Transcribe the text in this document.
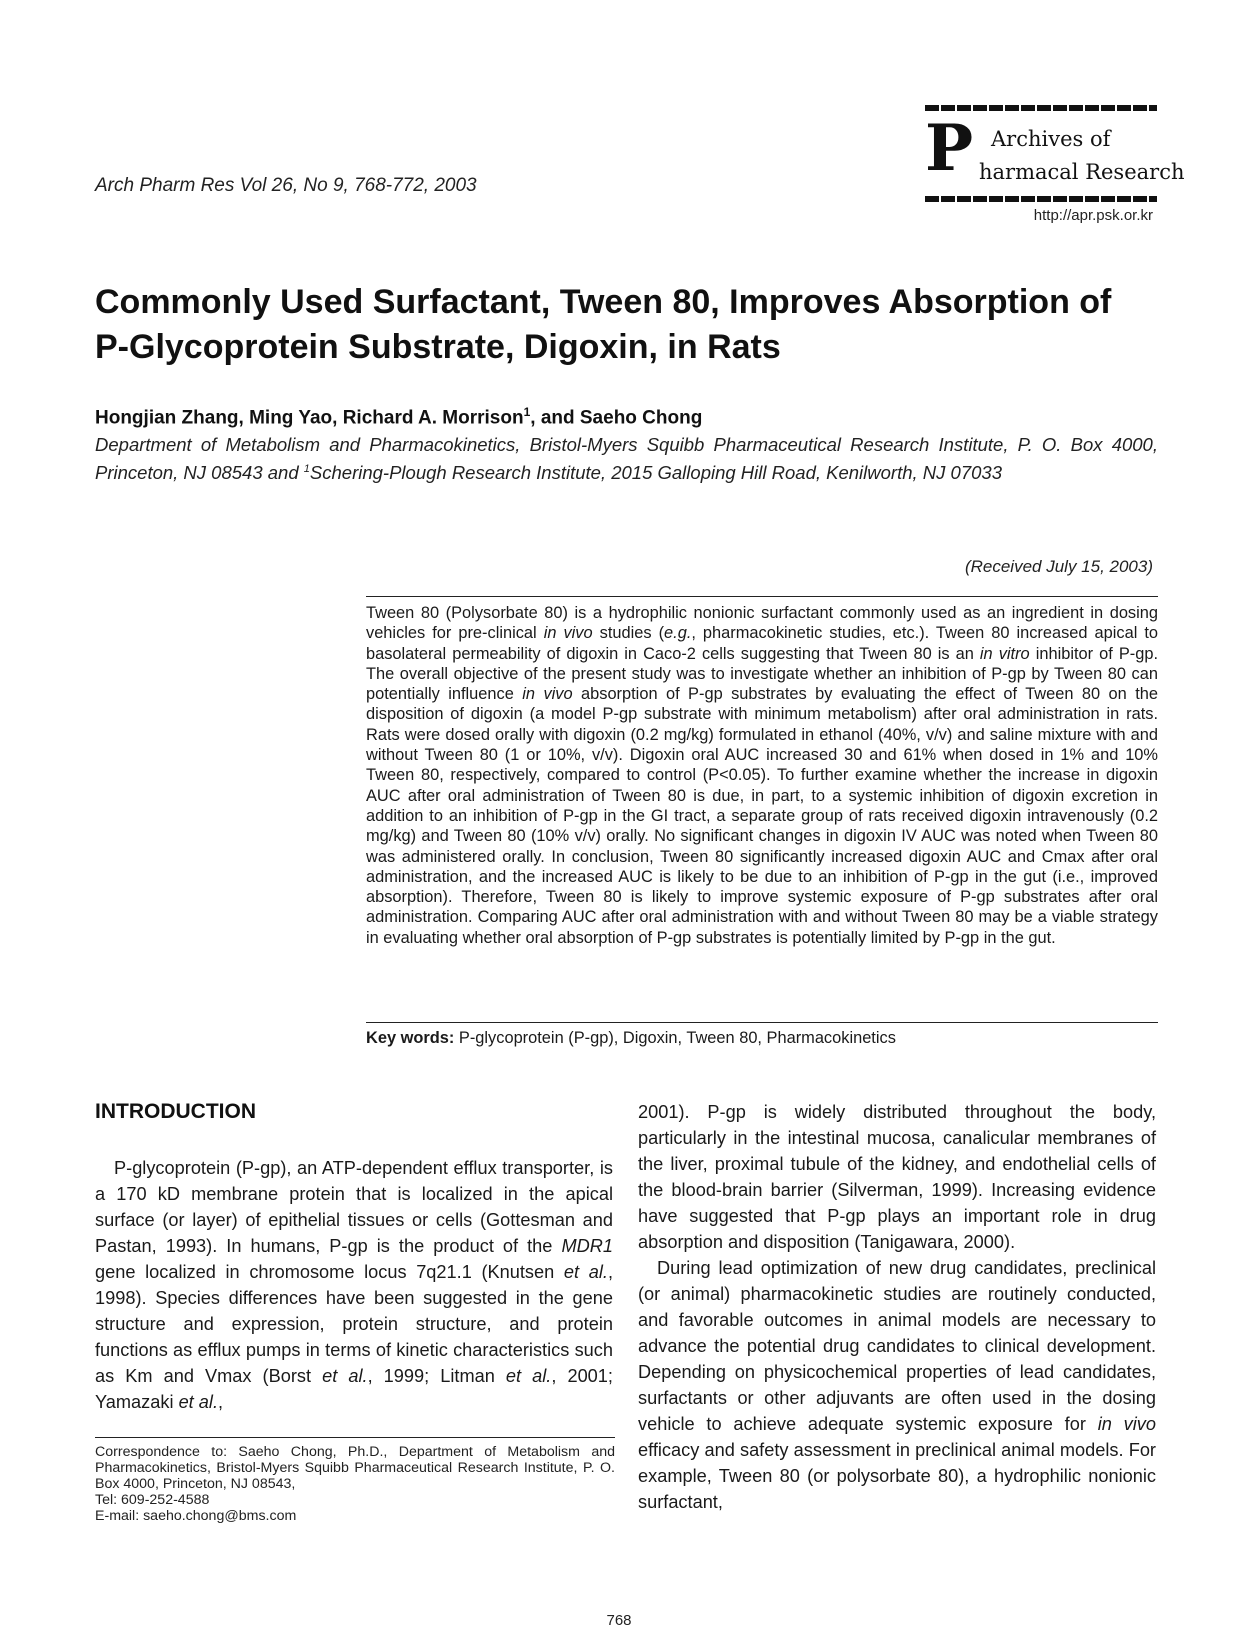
Arch Pharm Res Vol 26, No 9, 768-772, 2003	P Archives of
harmacal Research
http://apr.psk.or.kr
Commonly Used Surfactant, Tween 80, Improves Absorption of
P-Glycoprotein Substrate, Digoxin, in Rats
Hongjian Zhang, Ming Yao, Richard A. Morrison$^1$, and Saeho Chong
Department of Metabolism and Pharmacokinetics, Bristol-Myers Squibb Pharmaceutical Research Institute, P. O. Box 4000, Princeton, NJ 08543 and $^1$Schering-Plough Research Institute, 2015 Galloping Hill Road, Kenilworth, NJ 07033
(Received July 15, 2003)
Tween 80 (Polysorbate 80) is a hydrophilic nonionic surfactant commonly used as an ingredient in dosing vehicles for pre-clinical in vivo studies (e.g., pharmacokinetic studies, etc.). Tween 80 increased apical to basolateral permeability of digoxin in Caco-2 cells suggesting that Tween 80 is an in vitro inhibitor of P-gp. The overall objective of the present study was to investigate whether an inhibition of P-gp by Tween 80 can potentially influence in vivo absorption of P-gp substrates by evaluating the effect of Tween 80 on the disposition of digoxin (a model P-gp substrate with minimum metabolism) after oral administration in rats. Rats were dosed orally with digoxin (0.2 mg/kg) formulated in ethanol (40%, v/v) and saline mixture with and without Tween 80 (1 or 10%, v/v). Digoxin oral AUC increased 30 and 61% when dosed in 1% and 10% Tween 80, respectively, compared to control (P<0.05). To further examine whether the increase in digoxin AUC after oral administration of Tween 80 is due, in part, to a systemic inhibition of digoxin excretion in addition to an inhibition of P-gp in the GI tract, a separate group of rats received digoxin intravenously (0.2 mg/kg) and Tween 80 (10% v/v) orally. No significant changes in digoxin IV AUC was noted when Tween 80 was administered orally. In conclusion, Tween 80 significantly increased digoxin AUC and Cmax after oral administration, and the increased AUC is likely to be due to an inhibition of P-gp in the gut (i.e., improved absorption). Therefore, Tween 80 is likely to improve systemic exposure of P-gp substrates after oral administration. Comparing AUC after oral administration with and without Tween 80 may be a viable strategy in evaluating whether oral absorption of P-gp substrates is potentially limited by P-gp in the gut.
Key words: P-glycoprotein (P-gp), Digoxin, Tween 80, Pharmacokinetics
INTRODUCTION

P-glycoprotein (P-gp), an ATP-dependent efflux transporter, is a 170 kD membrane protein that is localized in the apical surface (or layer) of epithelial tissues or cells (Gottesman and Pastan, 1993). In humans, P-gp is the product of the MDR1 gene localized in chromosome locus 7q21.1 (Knutsen et al., 1998). Species differences have been suggested in the gene structure and expression, protein structure, and protein functions as efflux pumps in terms of kinetic characteristics such as Km and Vmax (Borst et al., 1999; Litman et al., 2001; Yamazaki et al.,

2001). P-gp is widely distributed throughout the body, particularly in the intestinal mucosa, canalicular membranes of the liver, proximal tubule of the kidney, and endothelial cells of the blood-brain barrier (Silverman, 1999). Increasing evidence have suggested that P-gp plays an important role in drug absorption and disposition (Tanigawara, 2000).

During lead optimization of new drug candidates, preclinical (or animal) pharmacokinetic studies are routinely conducted, and favorable outcomes in animal models are necessary to advance the potential drug candidates to clinical development. Depending on physicochemical properties of lead candidates, surfactants or other adjuvants are often used in the dosing vehicle to achieve adequate systemic exposure for in vivo efficacy and safety assessment in preclinical animal models. For example, Tween 80 (or polysorbate 80), a hydrophilic nonionic surfactant,

Correspondence to: Saeho Chong, Ph.D., Department of Metabolism and Pharmacokinetics, Bristol-Myers Squibb Pharmaceutical Research Institute, P. O. Box 4000, Princeton, NJ 08543,
Tel: 609-252-4588
E-mail: saeho.chong@bms.com
768
